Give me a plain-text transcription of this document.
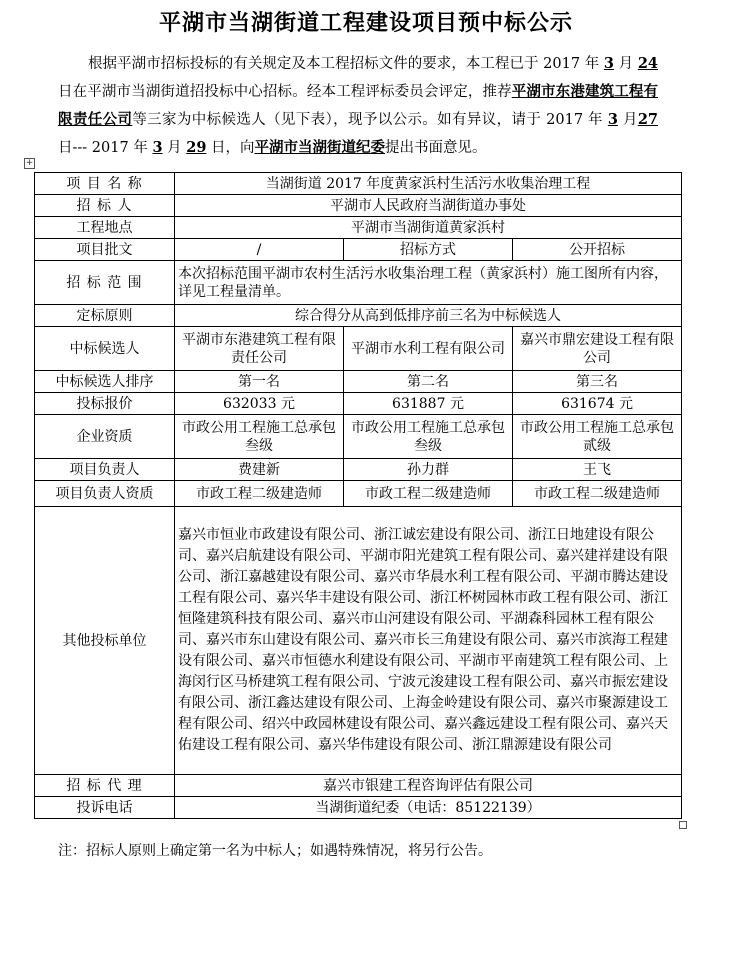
平湖市当湖街道工程建设项目预中标公示

根据平湖市招标投标的有关规定及本工程招标文件的要求，本工程已于 2017 年 3 月 24 日在平湖市当湖街道招投标中心招标。经本工程评标委员会评定，推荐平湖市东港建筑工程有限责任公司等三家为中标候选人（见下表），现予以公示。如有异议，请于 2017 年 3 月27日--- 2017 年 3 月 29 日，向平湖市当湖街道纪委提出书面意见。

+
项 目 名 称	当湖街道 2017 年度黄家浜村生活污水收集治理工程		
招 标 人	平湖市人民政府当湖街道办事处		
工程地点	平湖市当湖街道黄家浜村		
项目批文	/	招标方式	公开招标
招 标 范 围	本次招标范围平湖市农村生活污水收集治理工程（黄家浜村）施工图所有内容，详见工程量清单。		
定标原则	综合得分从高到低排序前三名为中标候选人		
中标候选人	平湖市东港建筑工程有限责任公司	平湖市水利工程有限公司	嘉兴市鼎宏建设工程有限公司
中标候选人排序	第一名	第二名	第三名
投标报价	632033 元	631887 元	631674 元
企业资质	市政公用工程施工总承包叁级	市政公用工程施工总承包叁级	市政公用工程施工总承包贰级
项目负责人	费建新	孙力群	王飞
项目负责人资质	市政工程二级建造师	市政工程二级建造师	市政工程二级建造师
其他投标单位	嘉兴市恒业市政建设有限公司、浙江诚宏建设有限公司、浙江日地建设有限公司、嘉兴启航建设有限公司、平湖市阳光建筑工程有限公司、嘉兴建祥建设有限公司、浙江嘉越建设有限公司、嘉兴市华晨水利工程有限公司、平湖市腾达建设工程有限公司、嘉兴华丰建设有限公司、浙江杯树园林市政工程有限公司、浙江恒隆建筑科技有限公司、嘉兴市山河建设有限公司、平湖森科园林工程有限公司、嘉兴市东山建设有限公司、嘉兴市长三角建设有限公司、嘉兴市滨海工程建设有限公司、嘉兴市恒德水利建设有限公司、平湖市平南建筑工程有限公司、上海闵行区马桥建筑工程有限公司、宁波元浚建设工程有限公司、嘉兴市振宏建设有限公司、浙江鑫达建设有限公司、上海金岭建设有限公司、嘉兴市聚源建设工程有限公司、绍兴中政园林建设有限公司、嘉兴鑫远建设工程有限公司、嘉兴天佑建设工程有限公司、嘉兴华伟建设有限公司、浙江鼎源建设有限公司		
招 标 代 理	嘉兴市银建工程咨询评估有限公司		
投诉电话	当湖街道纪委（电话：85122139）		
注：招标人原则上确定第一名为中标人；如遇特殊情况，将另行公告。
